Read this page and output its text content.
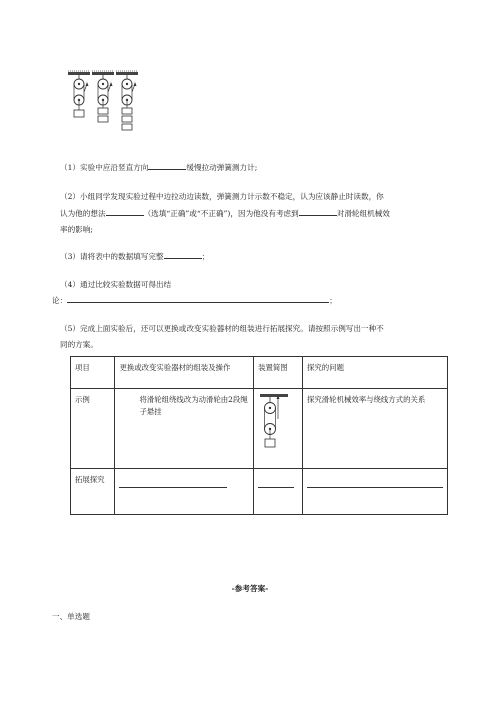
（1）实验中应沿竖直方向	缓慢拉动弹簧测力计;
（2）小组同学发现实验过程中边拉动边读数，弹簧测力计示数不稳定，认为应该静止时读数，你
认为他的想法	（选填“正确”或“不正确”)，因为他没有考虑到	对滑轮组机械效
率的影响;
（3）请将表中的数据填写完整	；
（4）通过比较实验数据可得出结
论：	；
（5）完成上面实验后，还可以更换或改变实验器材的组装进行拓展探究。请按照示例写出一种不
同的方案。
项目	更换或改变实验器材的组装及操作	装置简图	探究的问题
示例	将滑轮组绕线改为动滑轮由2段绳子悬挂		探究滑轮机械效率与绕线方式的关系
拓展探究	

-参考答案-
一、单选题
